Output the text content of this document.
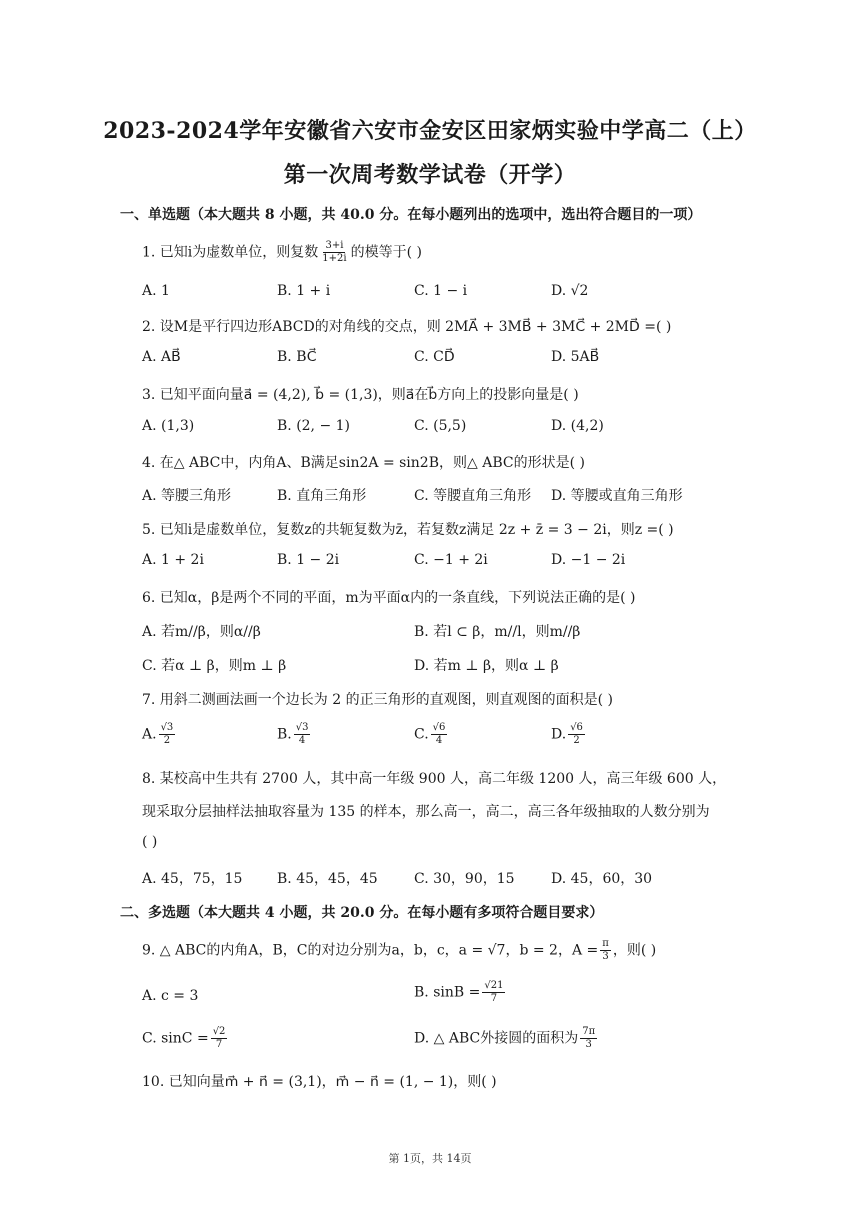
2023-2024学年安徽省六安市金安区田家炳实验中学高二（上）
第一次周考数学试卷（开学）
一、单选题（本大题共 8 小题，共 40.0 分。在每小题列出的选项中，选出符合题目的一项）
1. 已知i为虚数单位，则复数 $\frac{3+i}{1+2i}$ 的模等于( )
A. 1	B. 1 + i	C. 1 − i	D. √2
2. 设M是平行四边形ABCD的对角线的交点，则 2MA⃗ + 3MB⃗ + 3MC⃗ + 2MD⃗ =( )
A. AB⃗	B. BC⃗	C. CD⃗	D. 5AB⃗
3. 已知平面向量a⃗ = (4,2), b⃗ = (1,3)，则a⃗在b⃗方向上的投影向量是( )
A. (1,3)	B. (2, − 1)	C. (5,5)	D. (4,2)
4. 在△ ABC中，内角A、B满足sin2A = sin2B，则△ ABC的形状是( )
A. 等腰三角形	B. 直角三角形	C. 等腰直角三角形 D. 等腰或直角三角形
5. 已知i是虚数单位，复数z的共轭复数为z̄，若复数z满足 2z + z̄ = 3 − 2i，则z =( )
A. 1 + 2i	B. 1 − 2i	C. −1 + 2i	D. −1 − 2i
6. 已知α，β是两个不同的平面，m为平面α内的一条直线，下列说法正确的是( )
A. 若m//β，则α//β	B. 若l ⊂ β，m//l，则m//β
C. 若α ⊥ β，则m ⊥ β	D. 若m ⊥ β，则α ⊥ β
7. 用斜二测画法画一个边长为 2 的正三角形的直观图，则直观图的面积是( )
A. $\frac{√3}{2}$	B. $\frac{√3}{4}$	C. $\frac{√6}{4}$	D. $\frac{√6}{2}$
8. 某校高中生共有 2700 人，其中高一年级 900 人，高二年级 1200 人，高三年级 600 人，
现采取分层抽样法抽取容量为 135 的样本，那么高一，高二，高三各年级抽取的人数分别为
( )
A. 45，75，15 B. 45，45，45	C. 30，90，15	D. 45，60，30
二、多选题（本大题共 4 小题，共 20.0 分。在每小题有多项符合题目要求）
9. △ ABC的内角A，B，C的对边分别为a，b，c，a = √7，b = 2，$A = \frac{\pi}{3}$ ，则( )
A. c = 3	B. $\sin B = \frac{√21}{7}$
C. $\sin C = \frac{√2}{7}$	D. △ ABC外接圆的面积为 $\frac{7\pi}{3}$
10. 已知向量m⃗ + n⃗ = (3,1)，m⃗ − n⃗ = (1, − 1)，则( )
第 1页，共 14页
